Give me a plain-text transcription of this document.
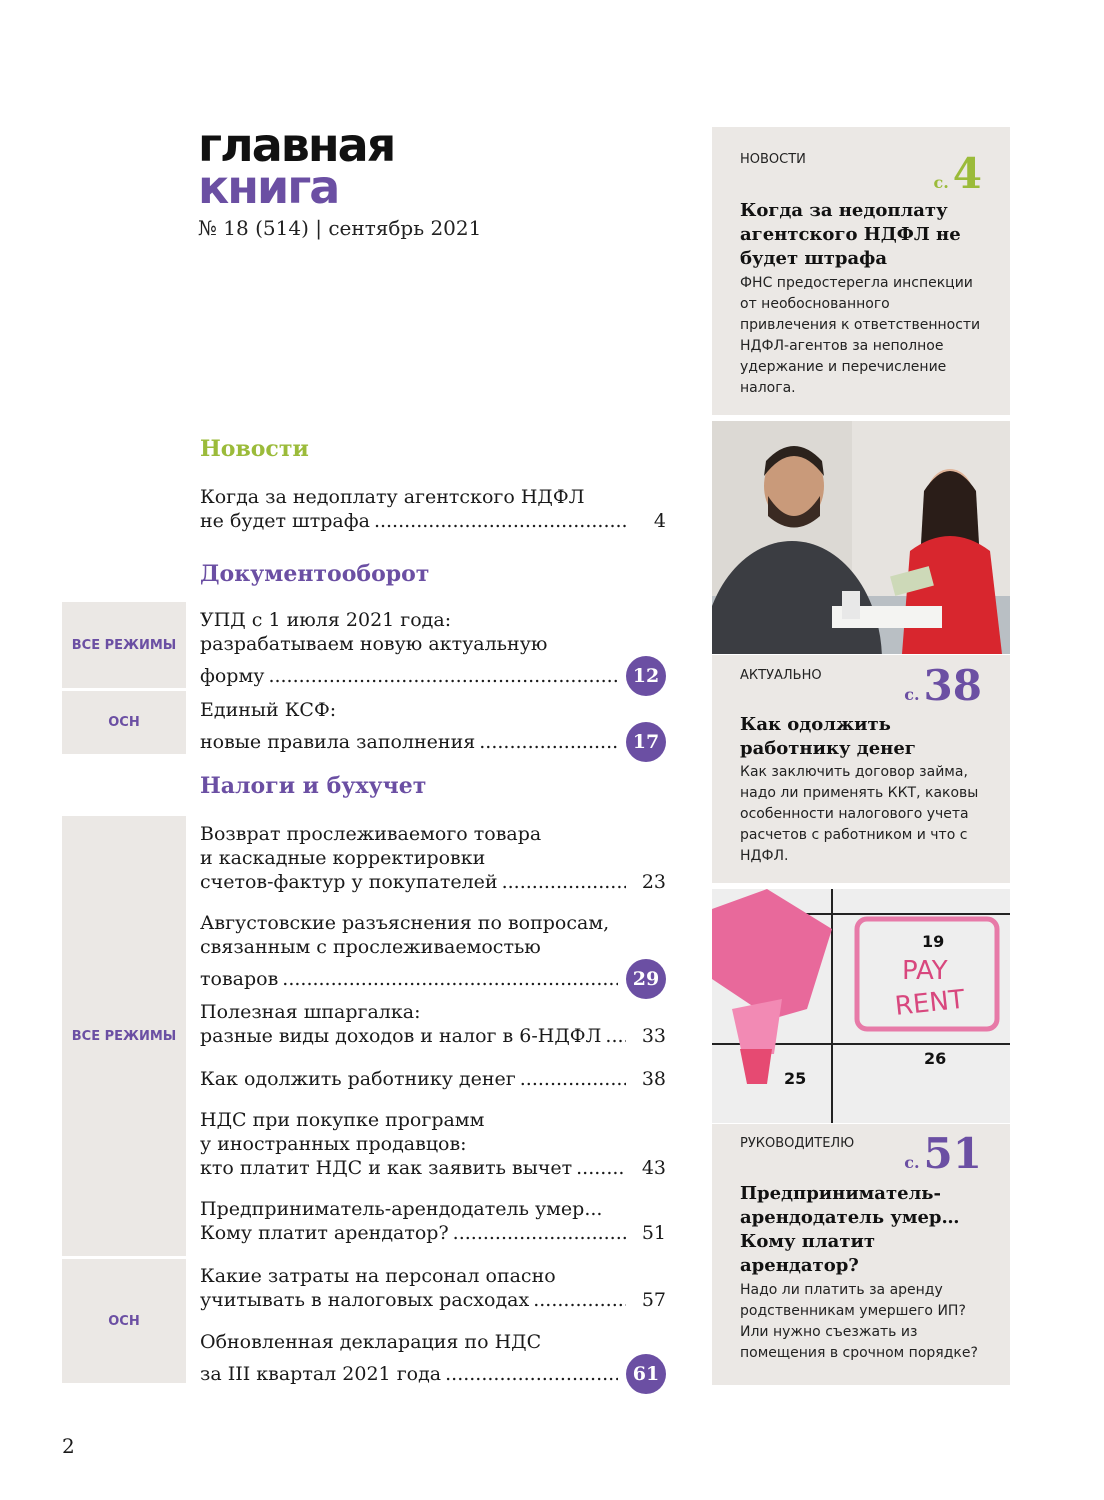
главная
книга
№ 18 (514) | сентябрь 2021
Новости
Документооборот
Налоги и бухучет
ВСЕ РЕЖИМЫ
ОСН
ВСЕ РЕЖИМЫ
ОСН
Когда за недоплату агентского НДФЛ
не будет штрафа .....	4
УПД с 1 июля 2021 года:
разрабатываем новую актуальную
форму .....	12
Единый КСФ:
новые правила заполнения .....	17
Возврат прослеживаемого товара
и каскадные корректировки
счетов-фактур у покупателей .....	23
Августовские разъяснения по вопросам,
связанным с прослеживаемостью
товаров .....	29
Полезная шпаргалка:
разные виды доходов и налог в 6-НДФЛ .....	33
Как одолжить работнику денег .....	38
НДС при покупке программ
у иностранных продавцов:
кто платит НДС и как заявить вычет .....	43
Предприниматель-арендодатель умер...
Кому платит арендатор? .....	51
Какие затраты на персонал опасно
учитывать в налоговых расходах .....	57
Обновленная декларация по НДС
за III квартал 2021 года .....	61
НОВОСТИ
с.4
Когда за недоплату агентского НДФЛ не будет штрафа
ФНС предостерегла инспекции от необоснованного привлечения к ответственности НДФЛ-агентов за неполное удержание и перечисление налога.
АКТУАЛЬНО
с.38
Как одолжить работнику денег
Как заключить договор займа, надо ли применять ККТ, каковы особенности налогового учета расчетов с работником и что с НДФЛ.
19
PAY
RENT
25
26
РУКОВОДИТЕЛЮ
с.51
Предприниматель-арендодатель умер… Кому платит арендатор?
Надо ли платить за аренду родственникам умершего ИП? Или нужно съезжать из помещения в срочном порядке?
2
